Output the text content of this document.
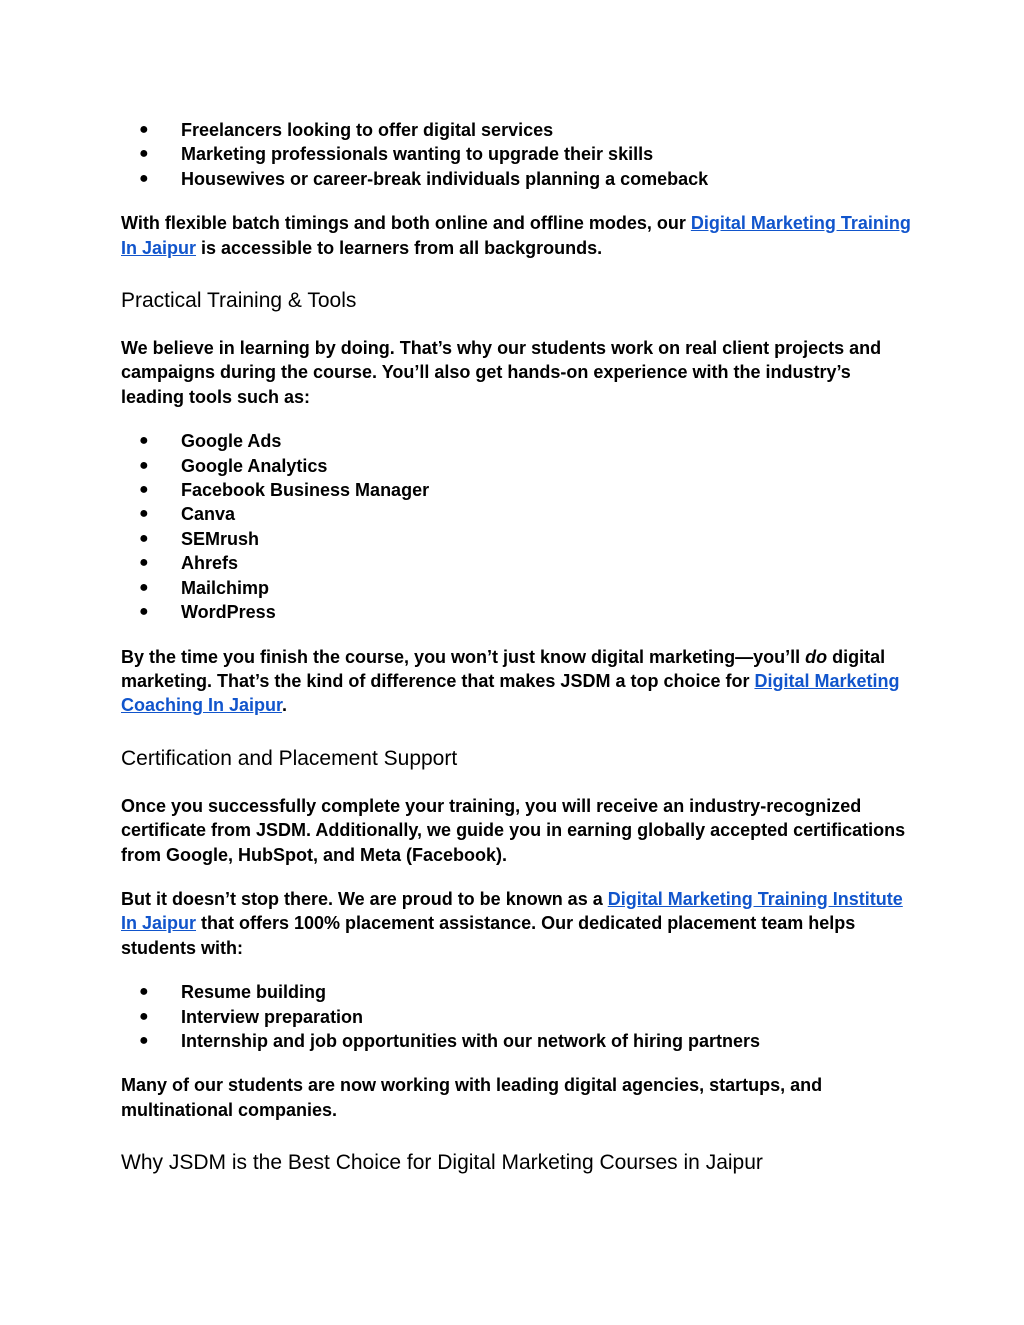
● Freelancers looking to offer digital services
● Marketing professionals wanting to upgrade their skills
● Housewives or career-break individuals planning a comeback

With flexible batch timings and both online and offline modes, our Digital Marketing Training In Jaipur is accessible to learners from all backgrounds.

Practical Training & Tools

We believe in learning by doing. That’s why our students work on real client projects and campaigns during the course. You’ll also get hands-on experience with the industry’s leading tools such as:

● Google Ads
● Google Analytics
● Facebook Business Manager
● Canva
● SEMrush
● Ahrefs
● Mailchimp
● WordPress

By the time you finish the course, you won’t just know digital marketing—you’ll do digital marketing. That’s the kind of difference that makes JSDM a top choice for Digital Marketing Coaching In Jaipur.

Certification and Placement Support

Once you successfully complete your training, you will receive an industry-recognized certificate from JSDM. Additionally, we guide you in earning globally accepted certifications from Google, HubSpot, and Meta (Facebook).

But it doesn’t stop there. We are proud to be known as a Digital Marketing Training Institute In Jaipur that offers 100% placement assistance. Our dedicated placement team helps students with:

● Resume building
● Interview preparation
● Internship and job opportunities with our network of hiring partners

Many of our students are now working with leading digital agencies, startups, and multinational companies.

Why JSDM is the Best Choice for Digital Marketing Courses in Jaipur
